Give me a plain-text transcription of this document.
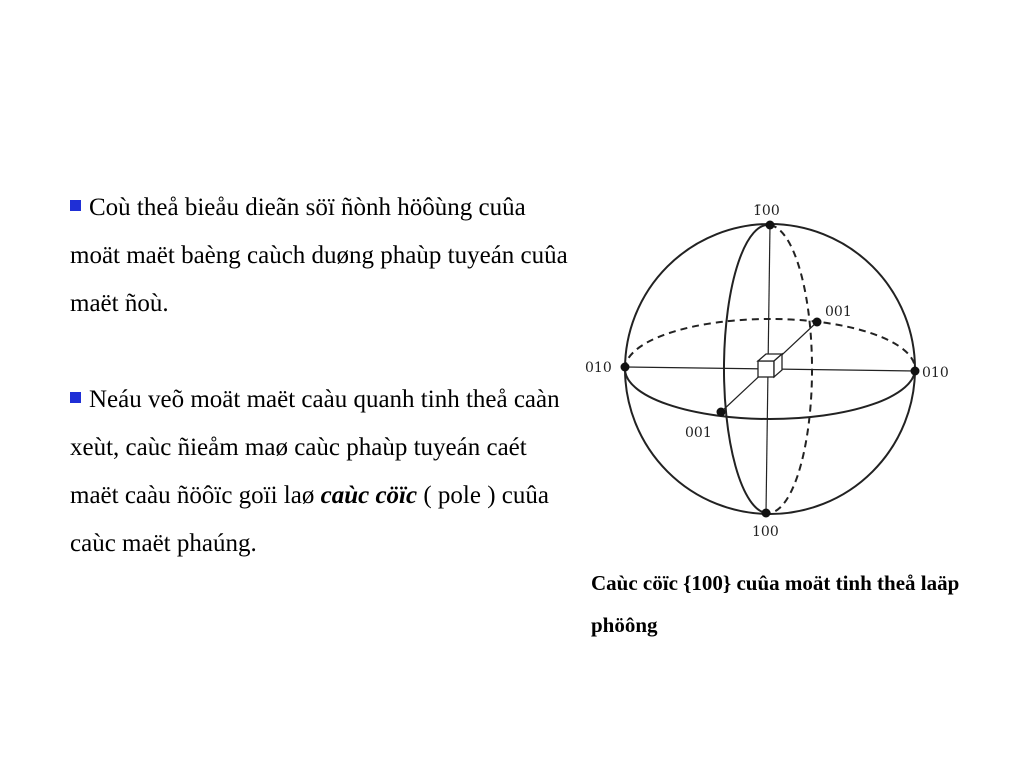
Coù theå bieåu dieãn söï ñònh höôùng cuûa moät maët baèng caùch duøng phaùp tuyeán cuûa maët ñoù.

Neáu veõ moät maët caàu quanh tinh theå caàn xeùt, caùc ñieåm maø caùc phaùp tuyeán caét maët caàu ñöôïc goïi laø caùc cöïc ( pole ) cuûa caùc maët phaúng.

1̄00
100
010	010
001
001
Caùc cöïc {100} cuûa moät tinh theå laäp phöông
